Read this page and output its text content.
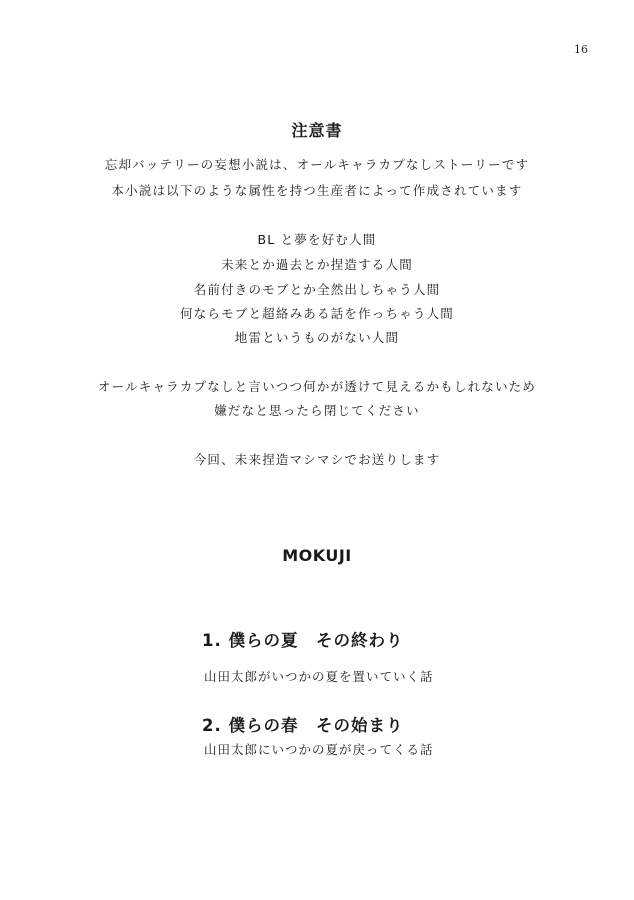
16
注意書
忘却バッテリーの妄想小説は、オールキャラカプなしストーリーです
本小説は以下のような属性を持つ生産者によって作成されています
BL と夢を好む人間
未来とか過去とか捏造する人間
名前付きのモブとか全然出しちゃう人間
何ならモブと超絡みある話を作っちゃう人間
地雷というものがない人間
オールキャラカプなしと言いつつ何かが透けて見えるかもしれないため
嫌だなと思ったら閉じてください
今回、未来捏造マシマシでお送りします
MOKUJI
1. 僕らの夏　その終わり
山田太郎がいつかの夏を置いていく話
2. 僕らの春　その始まり
山田太郎にいつかの夏が戻ってくる話
